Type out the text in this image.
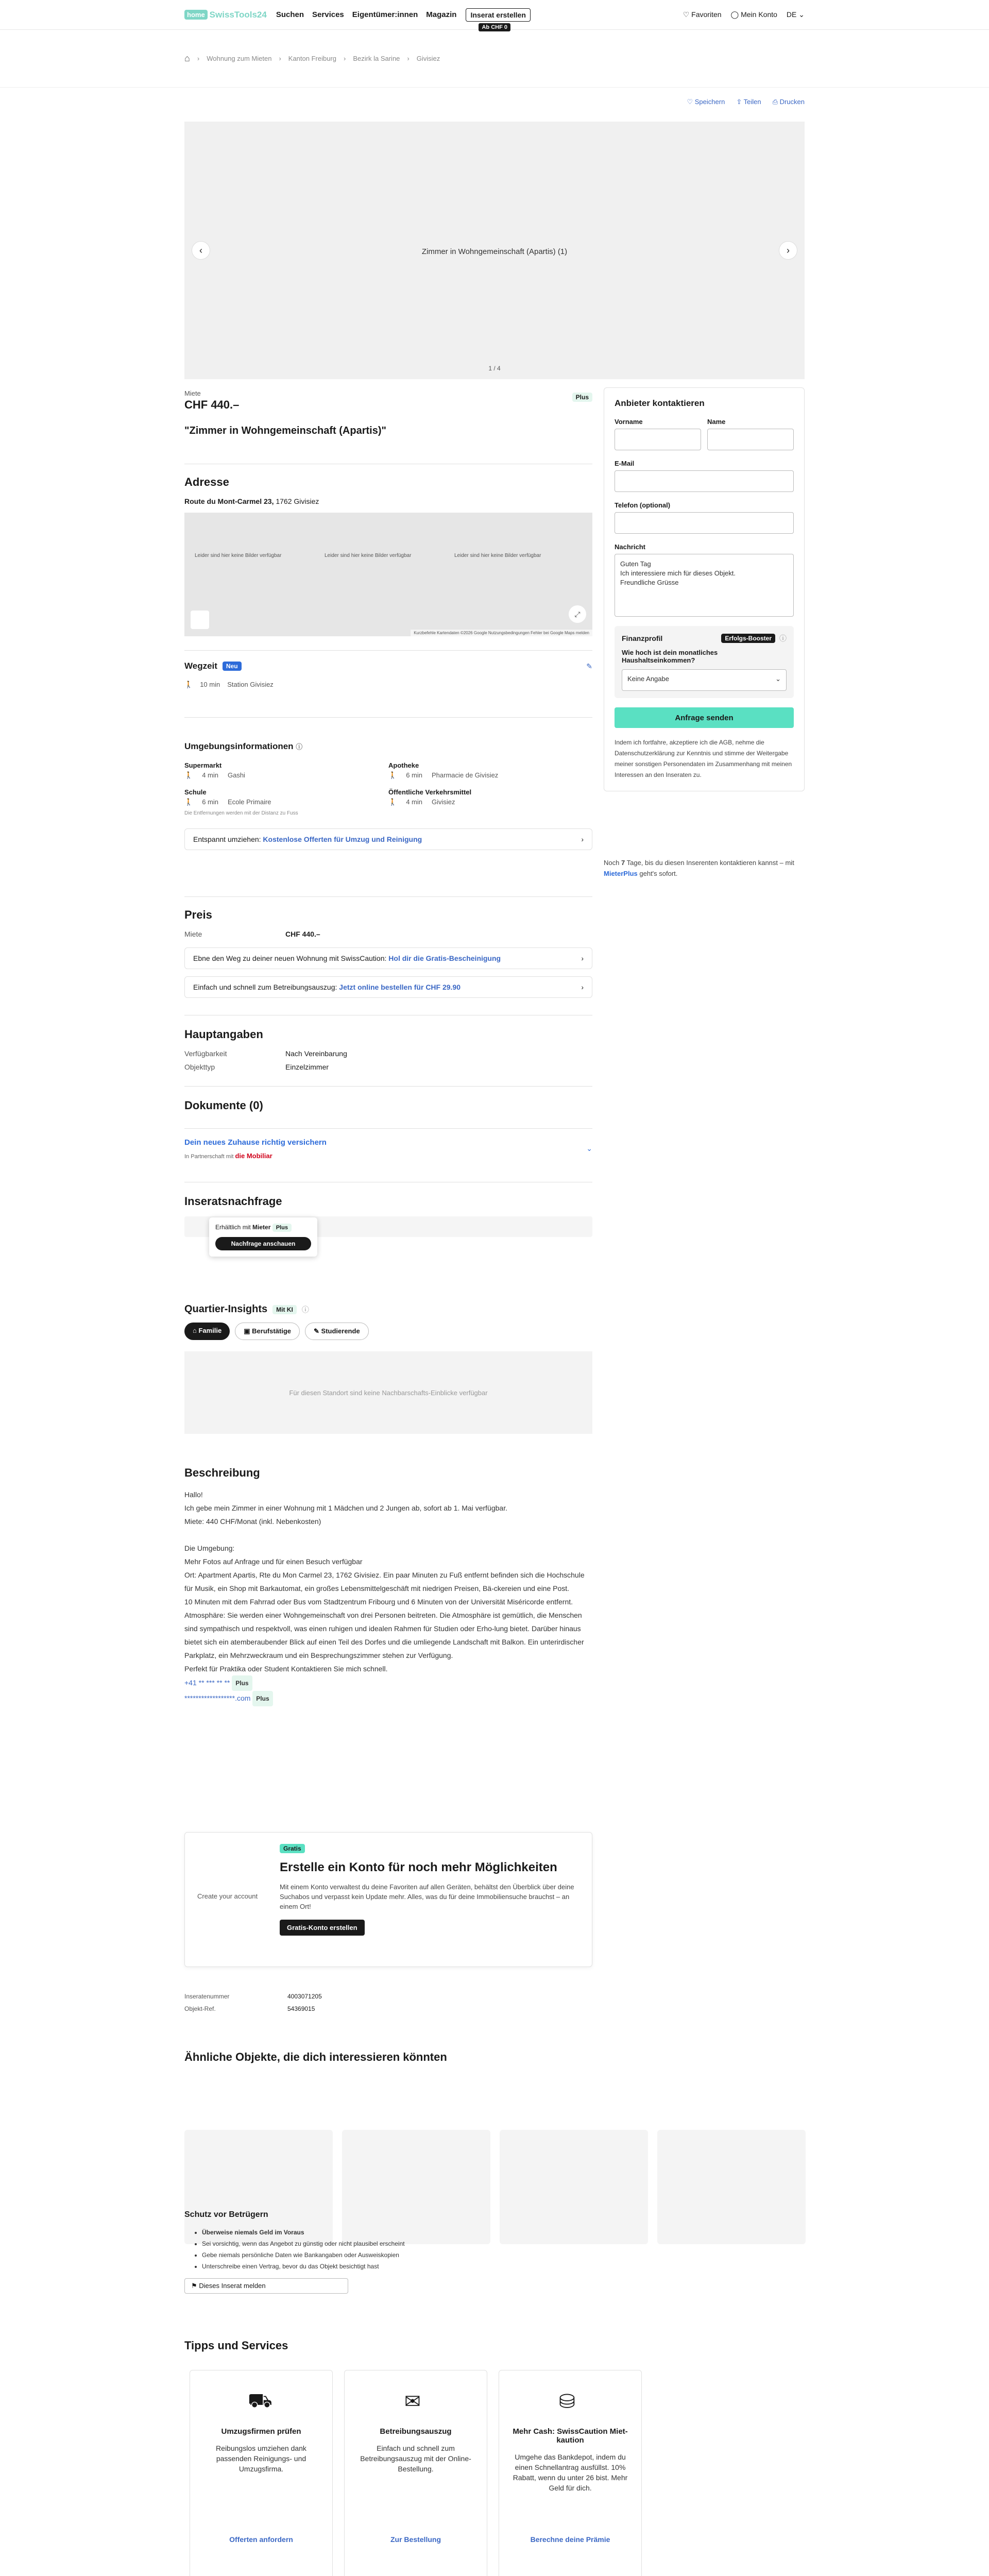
home SwissTools24 Suchen Services Eigentümer:innen Magazin	Inserat erstellen
Ab CHF 0
♡ Favoriten ◯ Mein Konto DE ⌄
⌂ › Wohnung zum Mieten › Kanton Freiburg › Bezirk la Sarine › Givisiez
♡ Speichern ⇪ Teilen ⎙ Drucken
‹	Zimmer in Wohngemeinschaft (Apartis) (1)	›
1 / 4
Miete
CHF 440.–
Plus
"Zimmer in Wohngemeinschaft (Apartis)"
Adresse
Route du Mont-Carmel 23, 1762 Givisiez
Leider sind hier keine Bilder verfügbar	Leider sind hier keine Bilder verfügbar	Leider sind hier keine Bilder verfügbar
⤢
Kurzbefehle Kartendaten ©2026 Google Nutzungsbedingungen Fehler bei Google Maps melden
Wegzeit	Neu	✎
🚶 10 min Station Givisiez
Umgebungsinformationen ⓘ
Supermarkt
🚶 4 min Gashi
Apotheke
🚶 6 min Pharmacie de Givisiez
Schule
🚶 6 min Ecole Primaire
Öffentliche Verkehrsmittel
🚶 4 min Givisiez
Die Entfernungen werden mit der Distanz zu Fuss
Entspannt umziehen: Kostenlose Offerten für Umzug und Reinigung	›
Preis
Miete	CHF 440.–
Ebne den Weg zu deiner neuen Wohnung mit SwissCaution: Hol dir die Gratis-Bescheinigung	›
Einfach und schnell zum Betreibungsauszug: Jetzt online bestellen für CHF 29.90	›
Hauptangaben
Verfügbarkeit	Nach Vereinbarung
Objekttyp	Einzelzimmer
Dokumente (0)
Dein neues Zuhause richtig versichern
In Partnerschaft mit die Mobiliar
⌄
Inseratsnachfrage
Erhältlich mit Mieter Plus
Nachfrage anschauen
Quartier-Insights	Mit KI	ⓘ
⌂ Familie	▣ Berufstätige	✎ Studierende
Für diesen Standort sind keine Nachbarschafts-Einblicke verfügbar
Beschreibung

Hallo!

Ich gebe mein Zimmer in einer Wohnung mit 1 Mädchen und 2 Jungen ab, sofort ab 1. Mai verfügbar.

Miete: 440 CHF/Monat (inkl. Nebenkosten)

Die Umgebung:

Mehr Fotos auf Anfrage und für einen Besuch verfügbar

Ort: Apartment Apartis, Rte du Mon Carmel 23, 1762 Givisiez. Ein paar Minuten zu Fuß entfernt befinden sich die Hochschule für Musik, ein Shop mit Barkautomat, ein großes Lebensmittelgeschäft mit niedrigen Preisen, Bä-ckereien und eine Post.

10 Minuten mit dem Fahrrad oder Bus vom Stadtzentrum Fribourg und 6 Minuten von der Universität Miséricorde entfernt.

Atmosphäre: Sie werden einer Wohngemeinschaft von drei Personen beitreten. Die Atmosphäre ist gemütlich, die Menschen sind sympathisch und respektvoll, was einen ruhigen und idealen Rahmen für Studien oder Erho-lung bietet. Darüber hinaus bietet sich ein atemberaubender Blick auf einen Teil des Dorfes und die umliegende Landschaft mit Balkon. Ein unterirdischer Parkplatz, ein Mehrzweckraum und ein Besprechungszimmer stehen zur Verfügung.

Perfekt für Praktika oder Student Kontaktieren Sie mich schnell.

+41 ** *** ** ** Plus

******************.com Plus

Create your account
Gratis
Erstelle ein Konto für noch mehr Möglichkeiten
Mit einem Konto verwaltest du deine Favoriten auf allen Geräten, behältst den Überblick über deine Suchabos und verpasst kein Update mehr. Alles, was du für deine Immobiliensuche brauchst – an einem Ort!
Gratis-Konto erstellen
Inseratenummer	4003071205
Objekt-Ref.	54369015
Ähnliche Objekte, die dich interessieren könnten
Schutz vor Betrügern
• Überweise niemals Geld im Voraus
• Sei vorsichtig, wenn das Angebot zu günstig oder nicht plausibel erscheint
• Gebe niemals persönliche Daten wie Bankangaben oder Ausweiskopien
• Unterschreibe einen Vertrag, bevor du das Objekt besichtigt hast
⚑ Dieses Inserat melden
Tipps und Services
⛟
Umzugsfirmen prüfen

Reibungslos umziehen dank passenden Reinigungs- und Umzugsfirma.

Offerten anfordern
✉
Betreibungsauszug

Einfach und schnell zum Betreibungsauszug mit der Online-Bestellung.

Zur Bestellung
⛁
Mehr Cash: SwissCaution Miet-kaution

Umgehe das Bankdepot, indem du einen Schnellantrag ausfüllst. 10% Rabatt, wenn du unter 26 bist. Mehr Geld für dich.

Berechne deine Prämie
Anbieter kontaktieren
Vorname	Name
E-Mail
Telefon (optional)
Nachricht
Guten Tag
Ich interessiere mich für dieses Objekt.
Freundliche Grüsse
Finanzprofil	Erfolgs-Booster	ⓘ
Wie hoch ist dein monatliches Haushaltseinkommen?
Keine Angabe	⌄
Anfrage senden

Indem ich fortfahre, akzeptiere ich die AGB, nehme die Datenschutzerklärung zur Kenntnis und stimme der Weitergabe meiner sonstigen Personendaten im Zusammenhang mit meinen Interessen an den Inseraten zu.

Noch 7 Tage, bis du diesen Inserenten kontaktieren kannst – mit MieterPlus geht's sofort.
